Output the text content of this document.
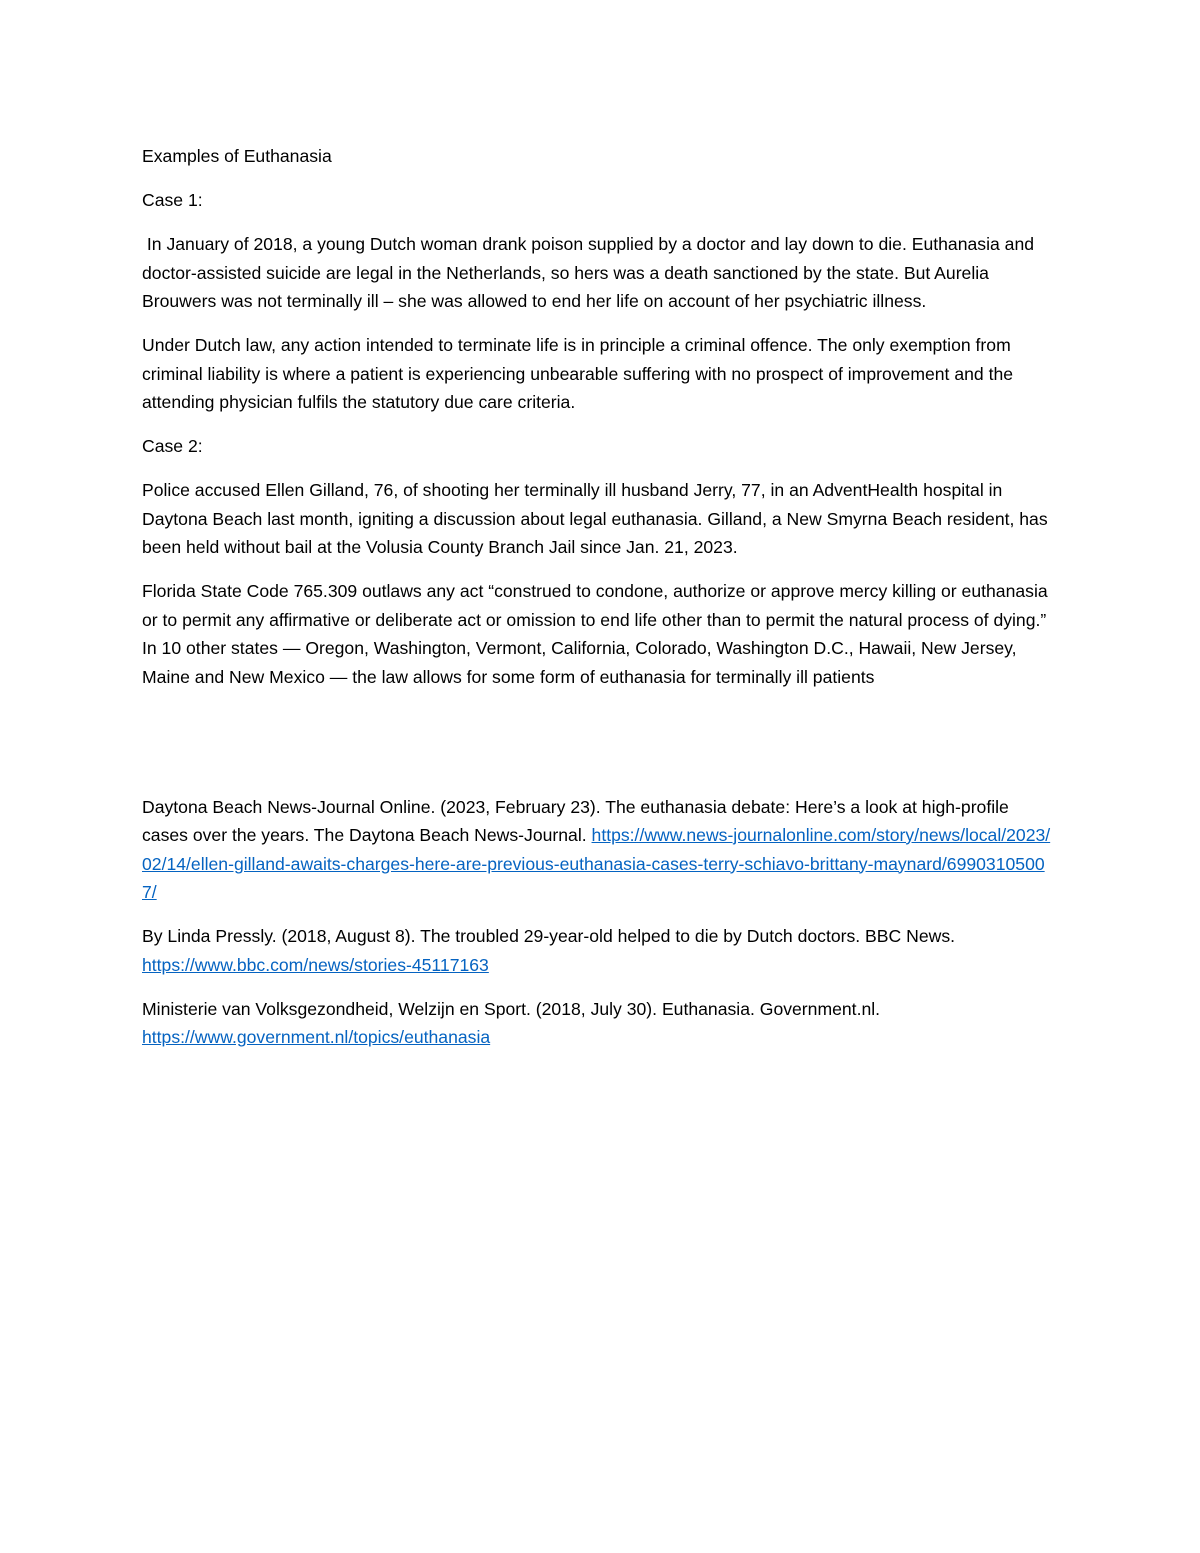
Examples of Euthanasia

Case 1:

In January of 2018, a young Dutch woman drank poison supplied by a doctor and lay down to die. Euthanasia and doctor-assisted suicide are legal in the Netherlands, so hers was a death sanctioned by the state. But Aurelia Brouwers was not terminally ill – she was allowed to end her life on account of her psychiatric illness.

Under Dutch law, any action intended to terminate life is in principle a criminal offence. The only exemption from criminal liability is where a patient is experiencing unbearable suffering with no prospect of improvement and the attending physician fulfils the statutory due care criteria.

Case 2:

Police accused Ellen Gilland, 76, of shooting her terminally ill husband Jerry, 77, in an AdventHealth hospital in Daytona Beach last month, igniting a discussion about legal euthanasia. Gilland, a New Smyrna Beach resident, has been held without bail at the Volusia County Branch Jail since Jan. 21, 2023.

Florida State Code 765.309 outlaws any act “construed to condone, authorize or approve mercy killing or euthanasia or to permit any affirmative or deliberate act or omission to end life other than to permit the natural process of dying.” In 10 other states — Oregon, Washington, Vermont, California, Colorado, Washington D.C., Hawaii, New Jersey, Maine and New Mexico — the law allows for some form of euthanasia for terminally ill patients

Daytona Beach News-Journal Online. (2023, February 23). The euthanasia debate: Here’s a look at high-profile cases over the years. The Daytona Beach News-Journal. https://www.news-journalonline.com/story/news/local/2023/02/14/ellen-gilland-awaits-charges-here-are-previous-euthanasia-cases-terry-schiavo-brittany-maynard/69903105007/

By Linda Pressly. (2018, August 8). The troubled 29-year-old helped to die by Dutch doctors. BBC News.
https://www.bbc.com/news/stories-45117163

Ministerie van Volksgezondheid, Welzijn en Sport. (2018, July 30). Euthanasia. Government.nl.
https://www.government.nl/topics/euthanasia
